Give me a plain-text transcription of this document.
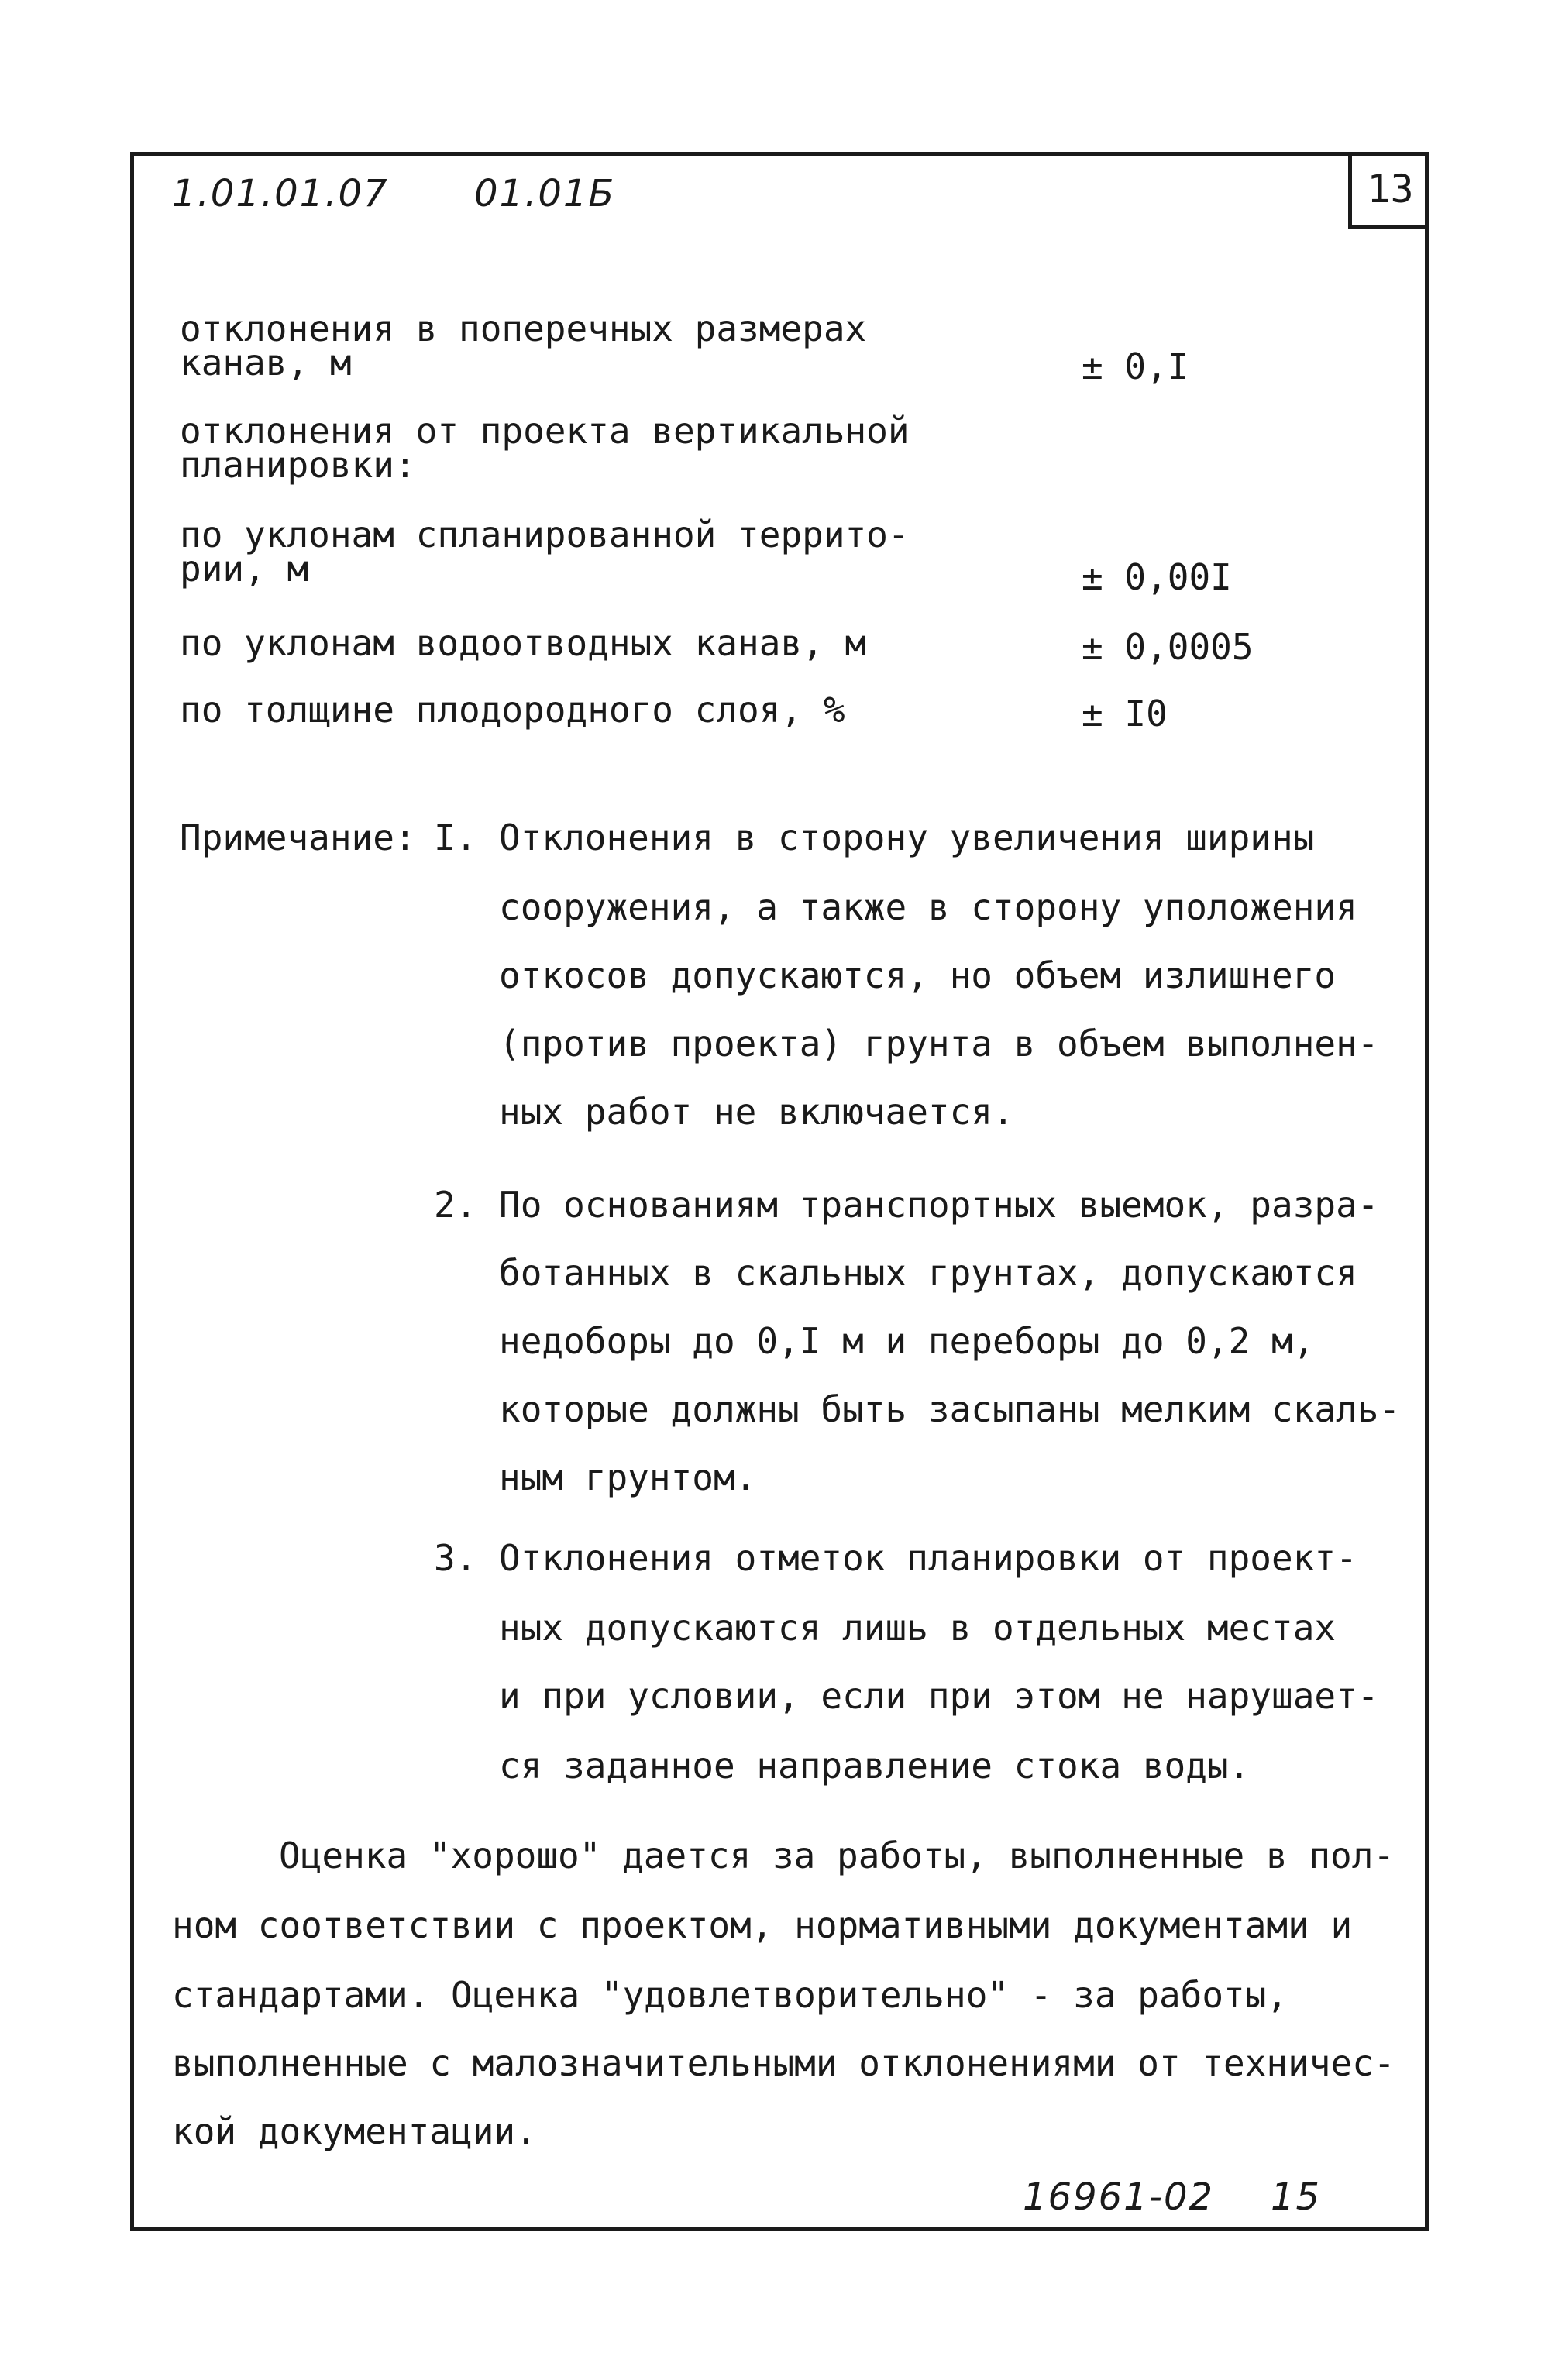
13
1.01.01.07 01.01Б
отклонения в поперечных размерах
канав, м	± 0,I
отклонения от проекта вертикальной
планировки:
по уклонам спланированной террито-
рии, м	± 0,00I
по уклонам водоотводных канав, м	± 0,0005
по толщине плодородного слоя, %	± I0
Примечание: I. Отклонения в сторону увеличения ширины
сооружения, а также в сторону уположения
откосов допускаются, но объем излишнего
(против проекта) грунта в объем выполнен-
ных работ не включается.
2. По основаниям транспортных выемок, разра-
ботанных в скальных грунтах, допускаются
недоборы до 0,I м и переборы до 0,2 м,
которые должны быть засыпаны мелким скаль-
ным грунтом.
3. Отклонения отметок планировки от проект-
ных допускаются лишь в отдельных местах
и при условии, если при этом не нарушает-
ся заданное направление стока воды.
Оценка "хорошо" дается за работы, выполненные в пол-
ном соответствии с проектом, нормативными документами и
стандартами. Оценка "удовлетворительно" - за работы,
выполненные с малозначительными отклонениями от техничес-
кой документации.
16961-02 15
